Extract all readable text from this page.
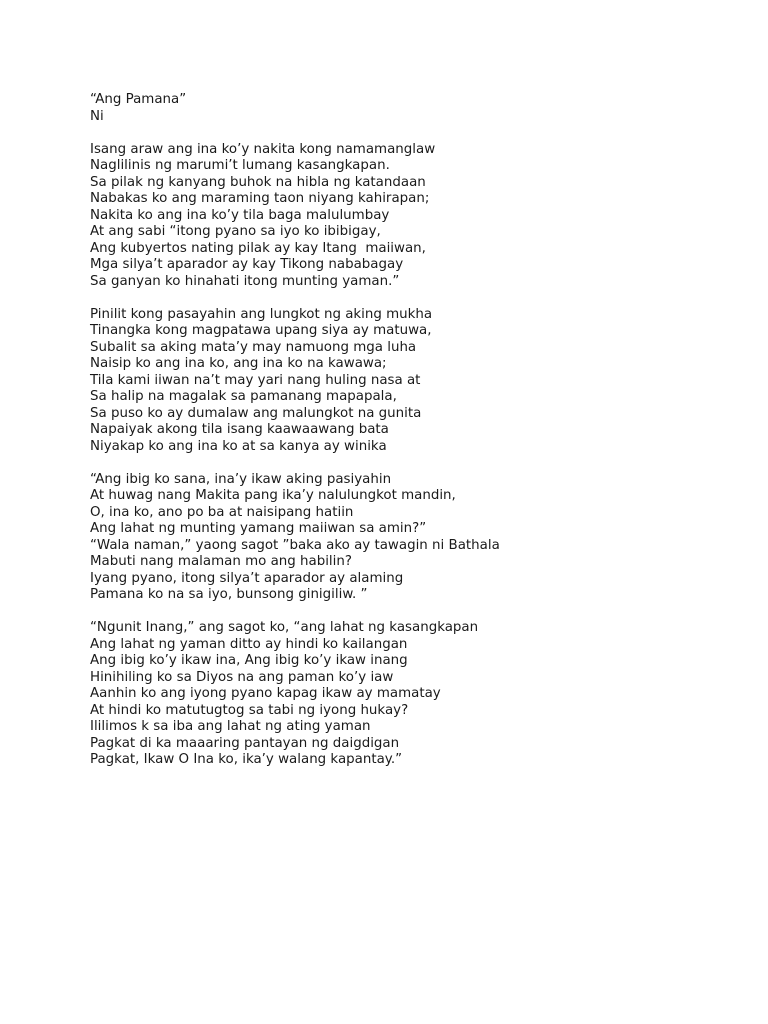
“Ang Pamana”
Ni
Isang araw ang ina ko’y nakita kong namamanglaw
Naglilinis ng marumi’t lumang kasangkapan.
Sa pilak ng kanyang buhok na hibla ng katandaan
Nabakas ko ang maraming taon niyang kahirapan;
Nakita ko ang ina ko’y tila baga malulumbay
At ang sabi “itong pyano sa iyo ko ibibigay,
Ang kubyertos nating pilak ay kay Itang  maiiwan,
Mga silya’t aparador ay kay Tikong nababagay
Sa ganyan ko hinahati itong munting yaman.”
Pinilit kong pasayahin ang lungkot ng aking mukha
Tinangka kong magpatawa upang siya ay matuwa,
Subalit sa aking mata’y may namuong mga luha
Naisip ko ang ina ko, ang ina ko na kawawa;
Tila kami iiwan na’t may yari nang huling nasa at
Sa halip na magalak sa pamanang mapapala,
Sa puso ko ay dumalaw ang malungkot na gunita
Napaiyak akong tila isang kaawaawang bata
Niyakap ko ang ina ko at sa kanya ay winika
“Ang ibig ko sana, ina’y ikaw aking pasiyahin
At huwag nang Makita pang ika’y nalulungkot mandin,
O, ina ko, ano po ba at naisipang hatiin
Ang lahat ng munting yamang maiiwan sa amin?”
“Wala naman,” yaong sagot ”baka ako ay tawagin ni Bathala
Mabuti nang malaman mo ang habilin?
Iyang pyano, itong silya’t aparador ay alaming
Pamana ko na sa iyo, bunsong ginigiliw. ”
“Ngunit Inang,” ang sagot ko, “ang lahat ng kasangkapan
Ang lahat ng yaman ditto ay hindi ko kailangan
Ang ibig ko’y ikaw ina, Ang ibig ko’y ikaw inang
Hinihiling ko sa Diyos na ang paman ko’y iaw
Aanhin ko ang iyong pyano kapag ikaw ay mamatay
At hindi ko matutugtog sa tabi ng iyong hukay?
Ililimos k sa iba ang lahat ng ating yaman
Pagkat di ka maaaring pantayan ng daigdigan
Pagkat, Ikaw O Ina ko, ika’y walang kapantay.”
